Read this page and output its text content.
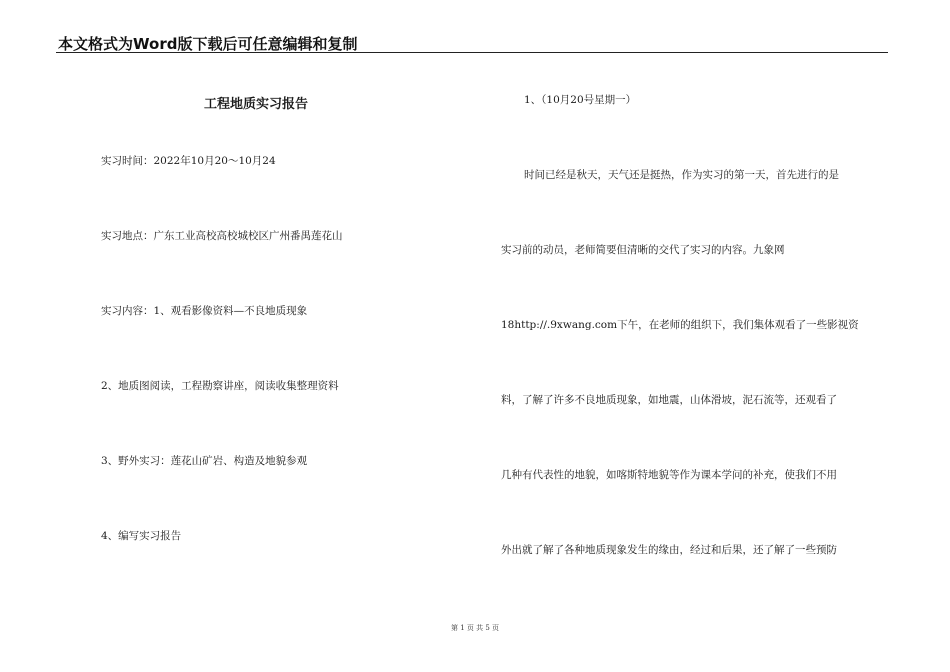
本文格式为Word版下载后可任意编辑和复制
工程地质实习报告
实习时间：2022年10月20～10月24
实习地点：广东工业高校高校城校区广州番禺莲花山
实习内容：1、观看影像资料—不良地质现象
2、地质图阅读，工程勘察讲座，阅读收集整理资料
3、野外实习：莲花山矿岩、构造及地貌参观
4、编写实习报告
1、（10月20号星期一）
时间已经是秋天，天气还是挺热，作为实习的第一天，首先进行的是
实习前的动员，老师简要但清晰的交代了实习的内容。九象网
18http://.9xwang.com下午，在老师的组织下，我们集体观看了一些影视资
料，了解了许多不良地质现象，如地震，山体滑坡，泥石流等，还观看了
几种有代表性的地貌，如喀斯特地貌等作为课本学问的补充，使我们不用
外出就了解了各种地质现象发生的缘由，经过和后果，还了解了一些预防
第 1 页 共 5 页
